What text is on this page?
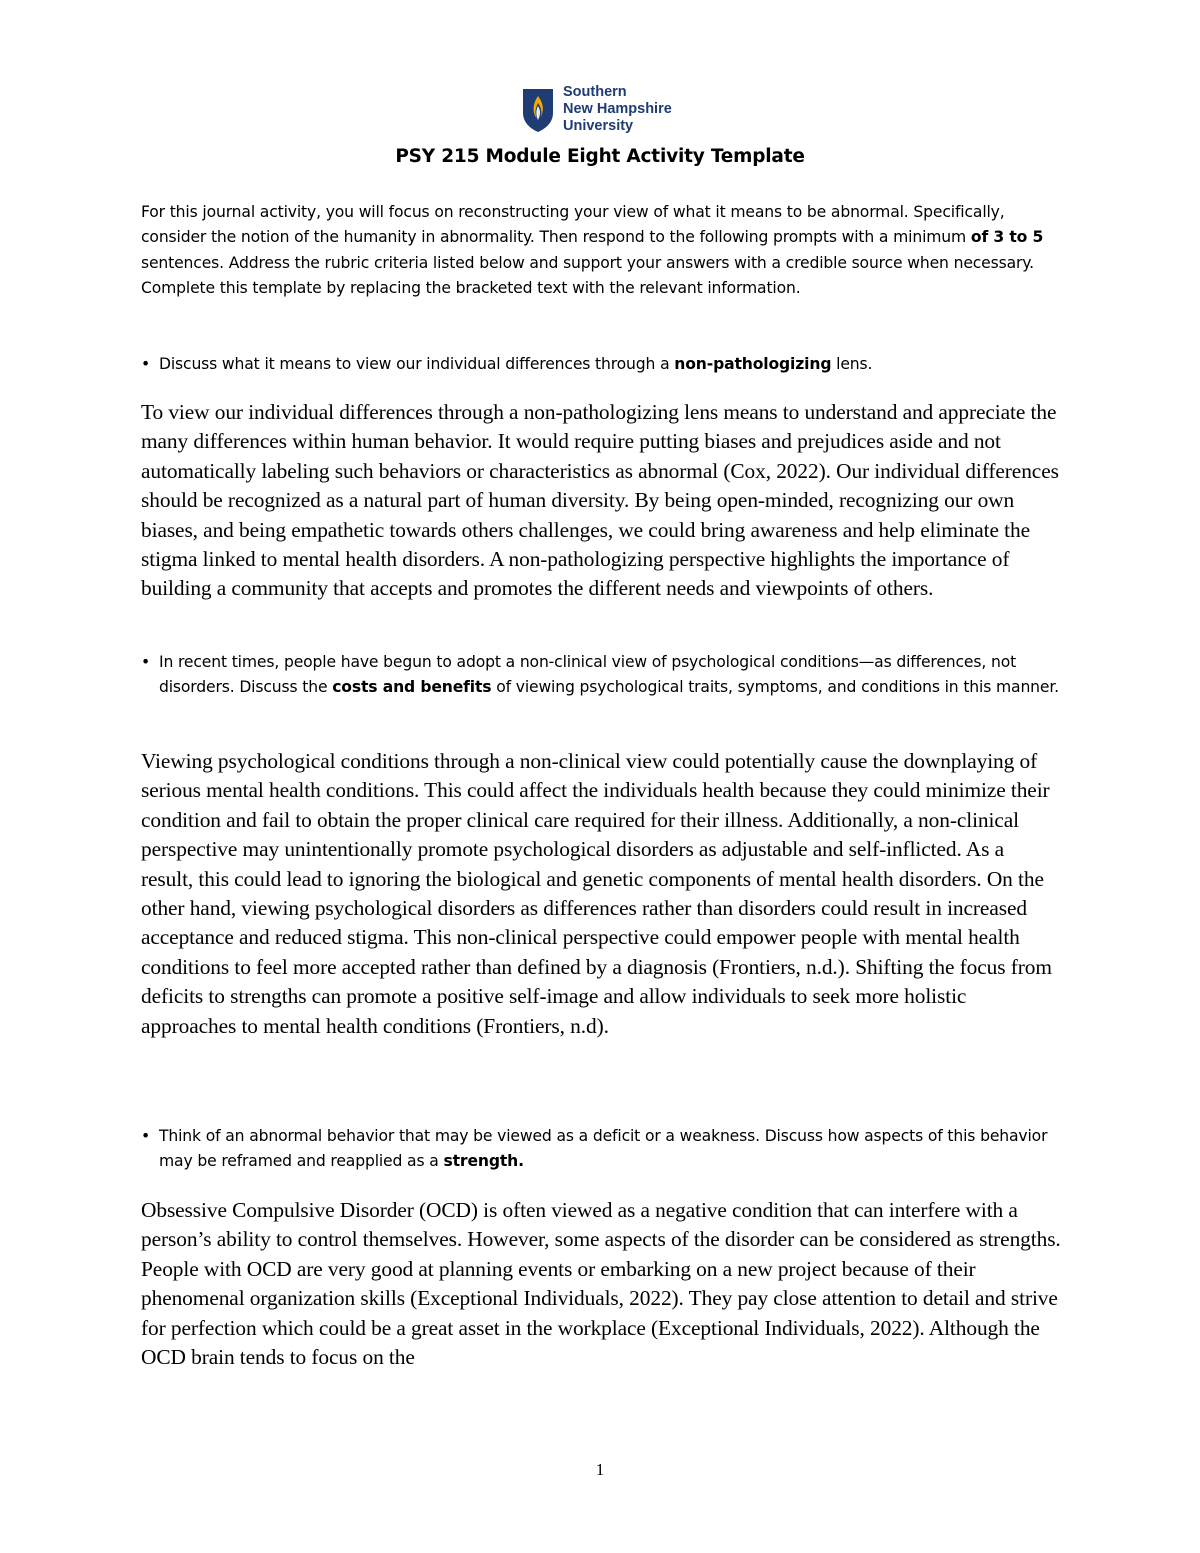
Southern
New Hampshire
University
PSY 215 Module Eight Activity Template

For this journal activity, you will focus on reconstructing your view of what it means to be abnormal. Specifically, consider the notion of the humanity in abnormality. Then respond to the following prompts with a minimum of 3 to 5 sentences. Address the rubric criteria listed below and support your answers with a credible source when necessary. Complete this template by replacing the bracketed text with the relevant information.

• Discuss what it means to view our individual differences through a non-pathologizing lens.

To view our individual differences through a non-pathologizing lens means to understand and appreciate the many differences within human behavior. It would require putting biases and prejudices aside and not automatically labeling such behaviors or characteristics as abnormal (Cox, 2022). Our individual differences should be recognized as a natural part of human diversity. By being open-minded, recognizing our own biases, and being empathetic towards others challenges, we could bring awareness and help eliminate the stigma linked to mental health disorders. A non-pathologizing perspective highlights the importance of building a community that accepts and promotes the different needs and viewpoints of others.

• In recent times, people have begun to adopt a non-clinical view of psychological conditions—as differences, not disorders. Discuss the costs and benefits of viewing psychological traits, symptoms, and conditions in this manner.

Viewing psychological conditions through a non-clinical view could potentially cause the downplaying of serious mental health conditions. This could affect the individuals health because they could minimize their condition and fail to obtain the proper clinical care required for their illness. Additionally, a non-clinical perspective may unintentionally promote psychological disorders as adjustable and self-inflicted. As a result, this could lead to ignoring the biological and genetic components of mental health disorders. On the other hand, viewing psychological disorders as differences rather than disorders could result in increased acceptance and reduced stigma. This non-clinical perspective could empower people with mental health conditions to feel more accepted rather than defined by a diagnosis (Frontiers, n.d.). Shifting the focus from deficits to strengths can promote a positive self-image and allow individuals to seek more holistic approaches to mental health conditions (Frontiers, n.d).

• Think of an abnormal behavior that may be viewed as a deficit or a weakness. Discuss how aspects of this behavior may be reframed and reapplied as a strength.

Obsessive Compulsive Disorder (OCD) is often viewed as a negative condition that can interfere with a person’s ability to control themselves. However, some aspects of the disorder can be considered as strengths. People with OCD are very good at planning events or embarking on a new project because of their phenomenal organization skills (Exceptional Individuals, 2022). They pay close attention to detail and strive for perfection which could be a great asset in the workplace (Exceptional Individuals, 2022). Although the OCD brain tends to focus on the

1
